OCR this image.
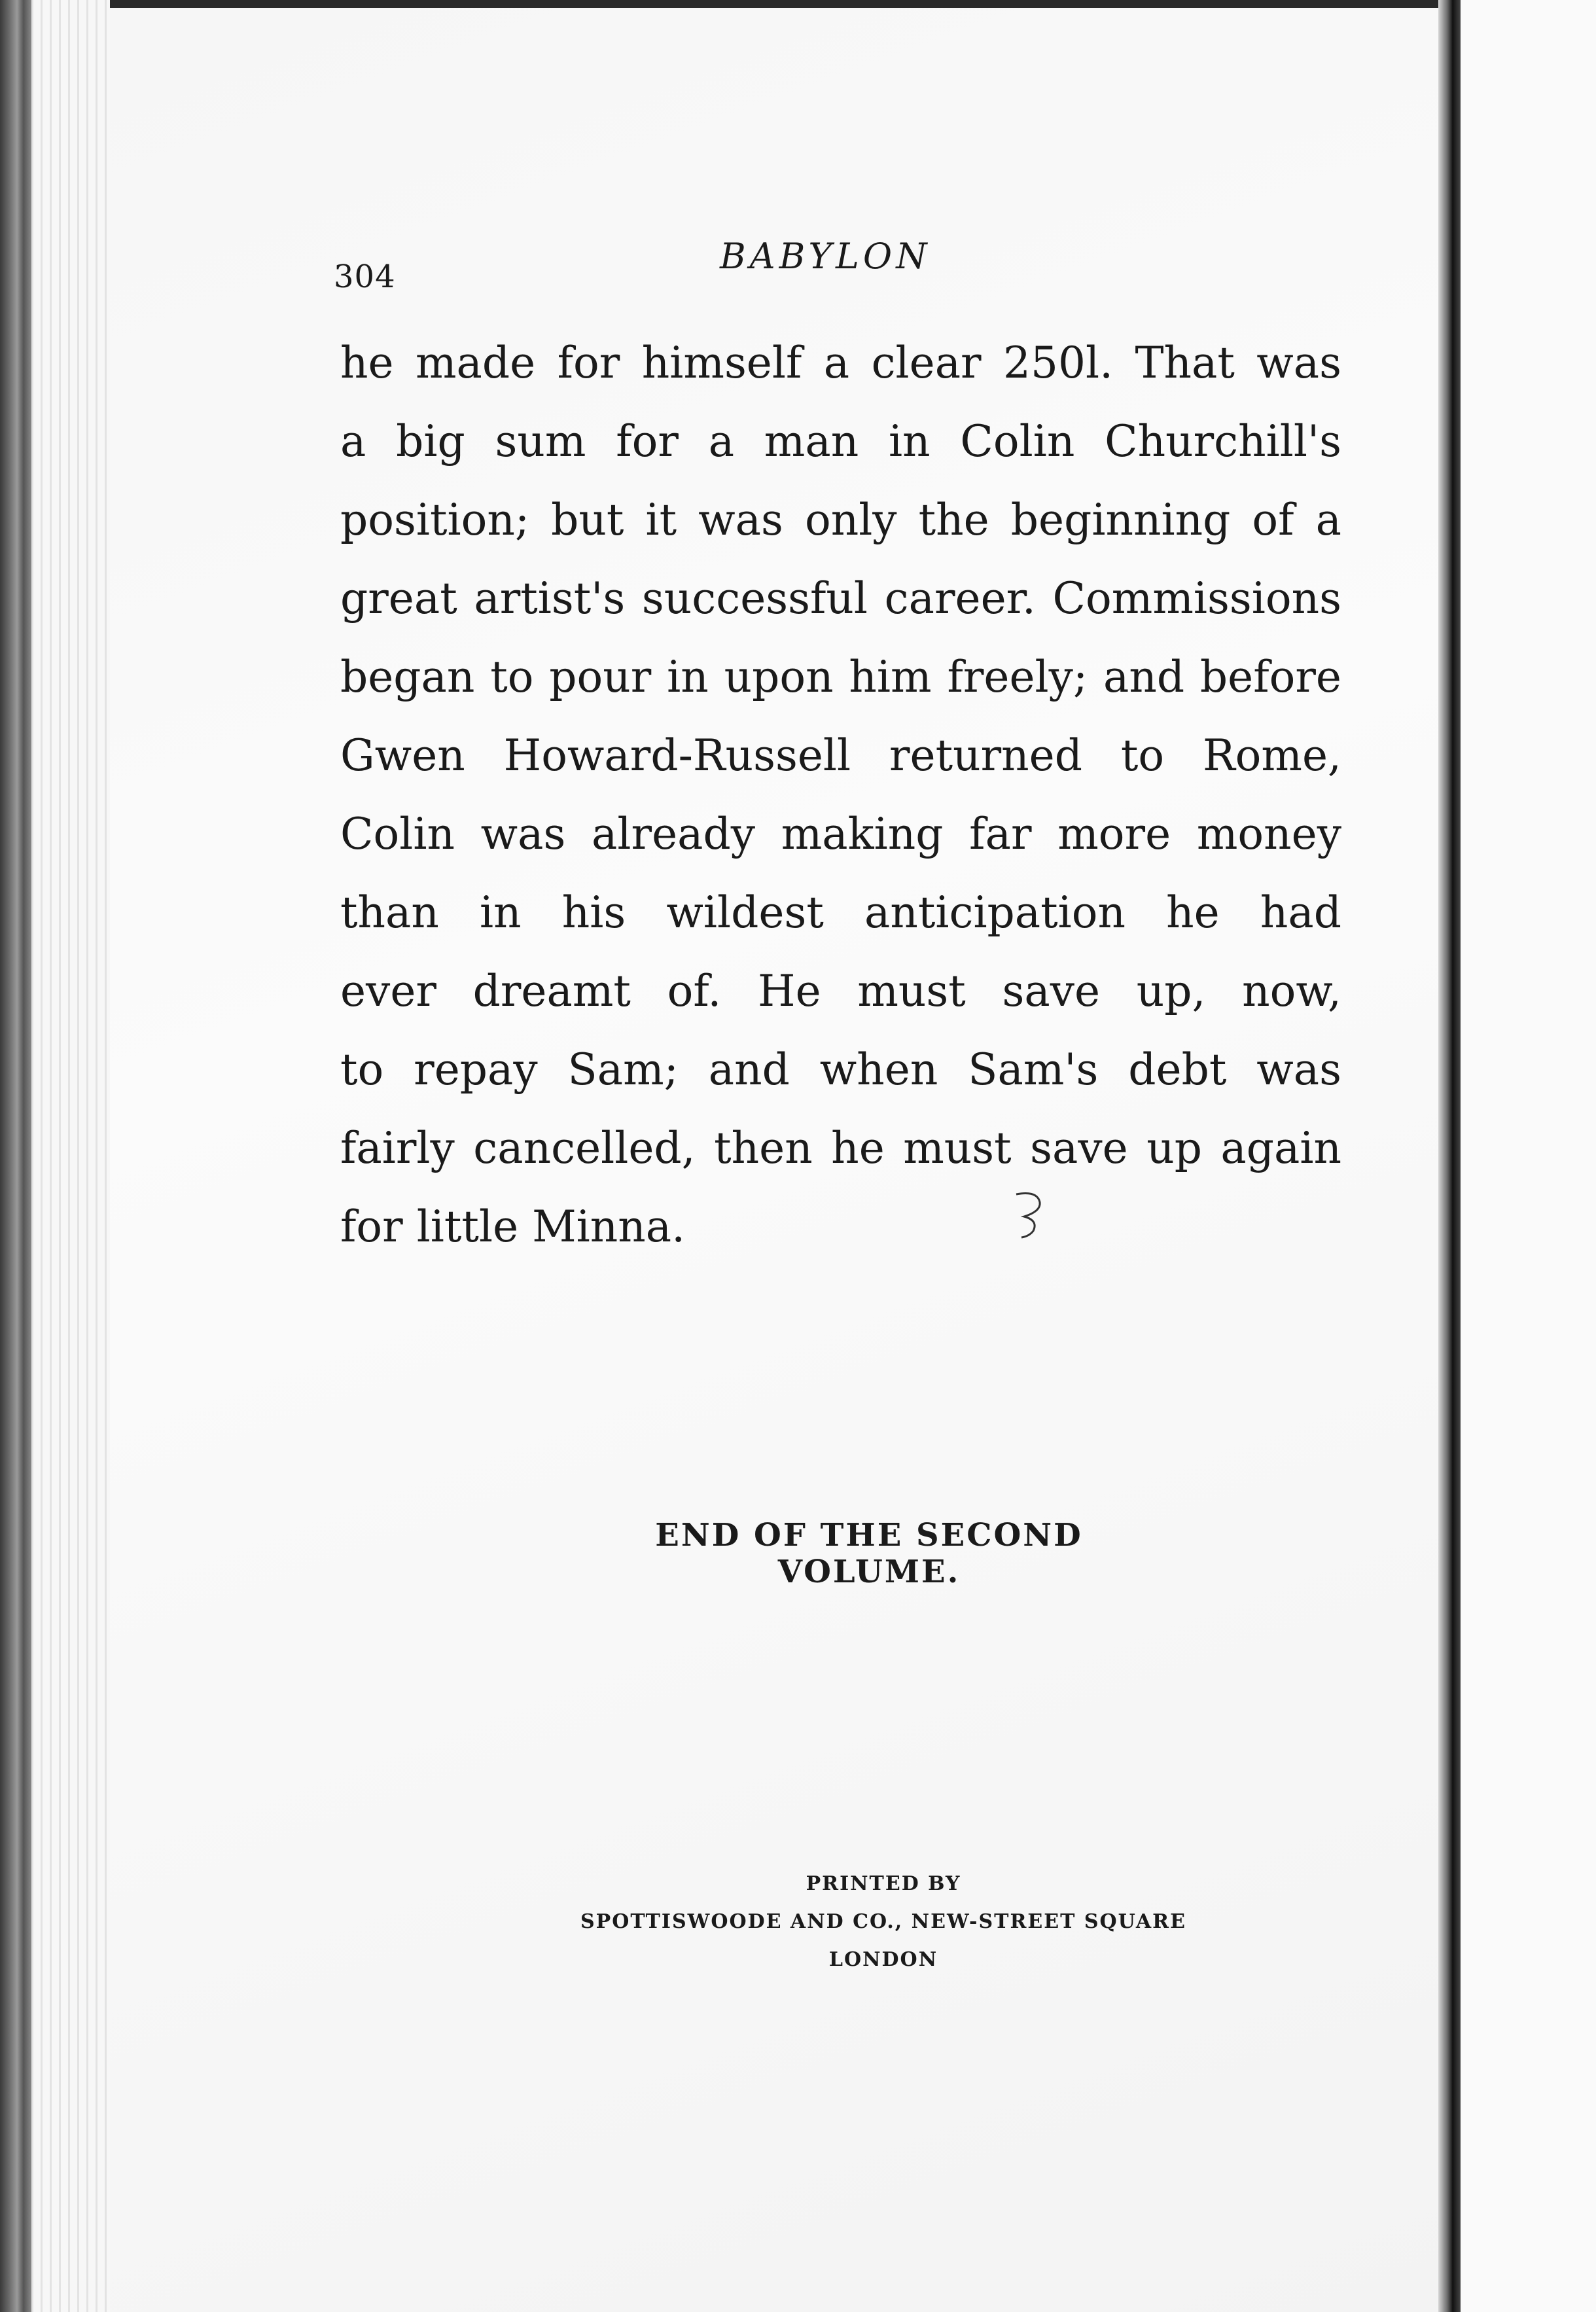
304	BABYLON
he made for himself a clear 250l. That was
a big sum for a man in Colin Churchill's
position; but it was only the beginning of a
great artist's successful career. Commissions
began to pour in upon him freely; and before
Gwen Howard-Russell returned to Rome,
Colin was already making far more money
than in his wildest anticipation he had
ever dreamt of. He must save up, now,
to repay Sam; and when Sam's debt was
fairly cancelled, then he must save up again
for little Minna.
END OF THE SECOND VOLUME.
PRINTED BY
SPOTTISWOODE AND CO., NEW-STREET SQUARE
LONDON
